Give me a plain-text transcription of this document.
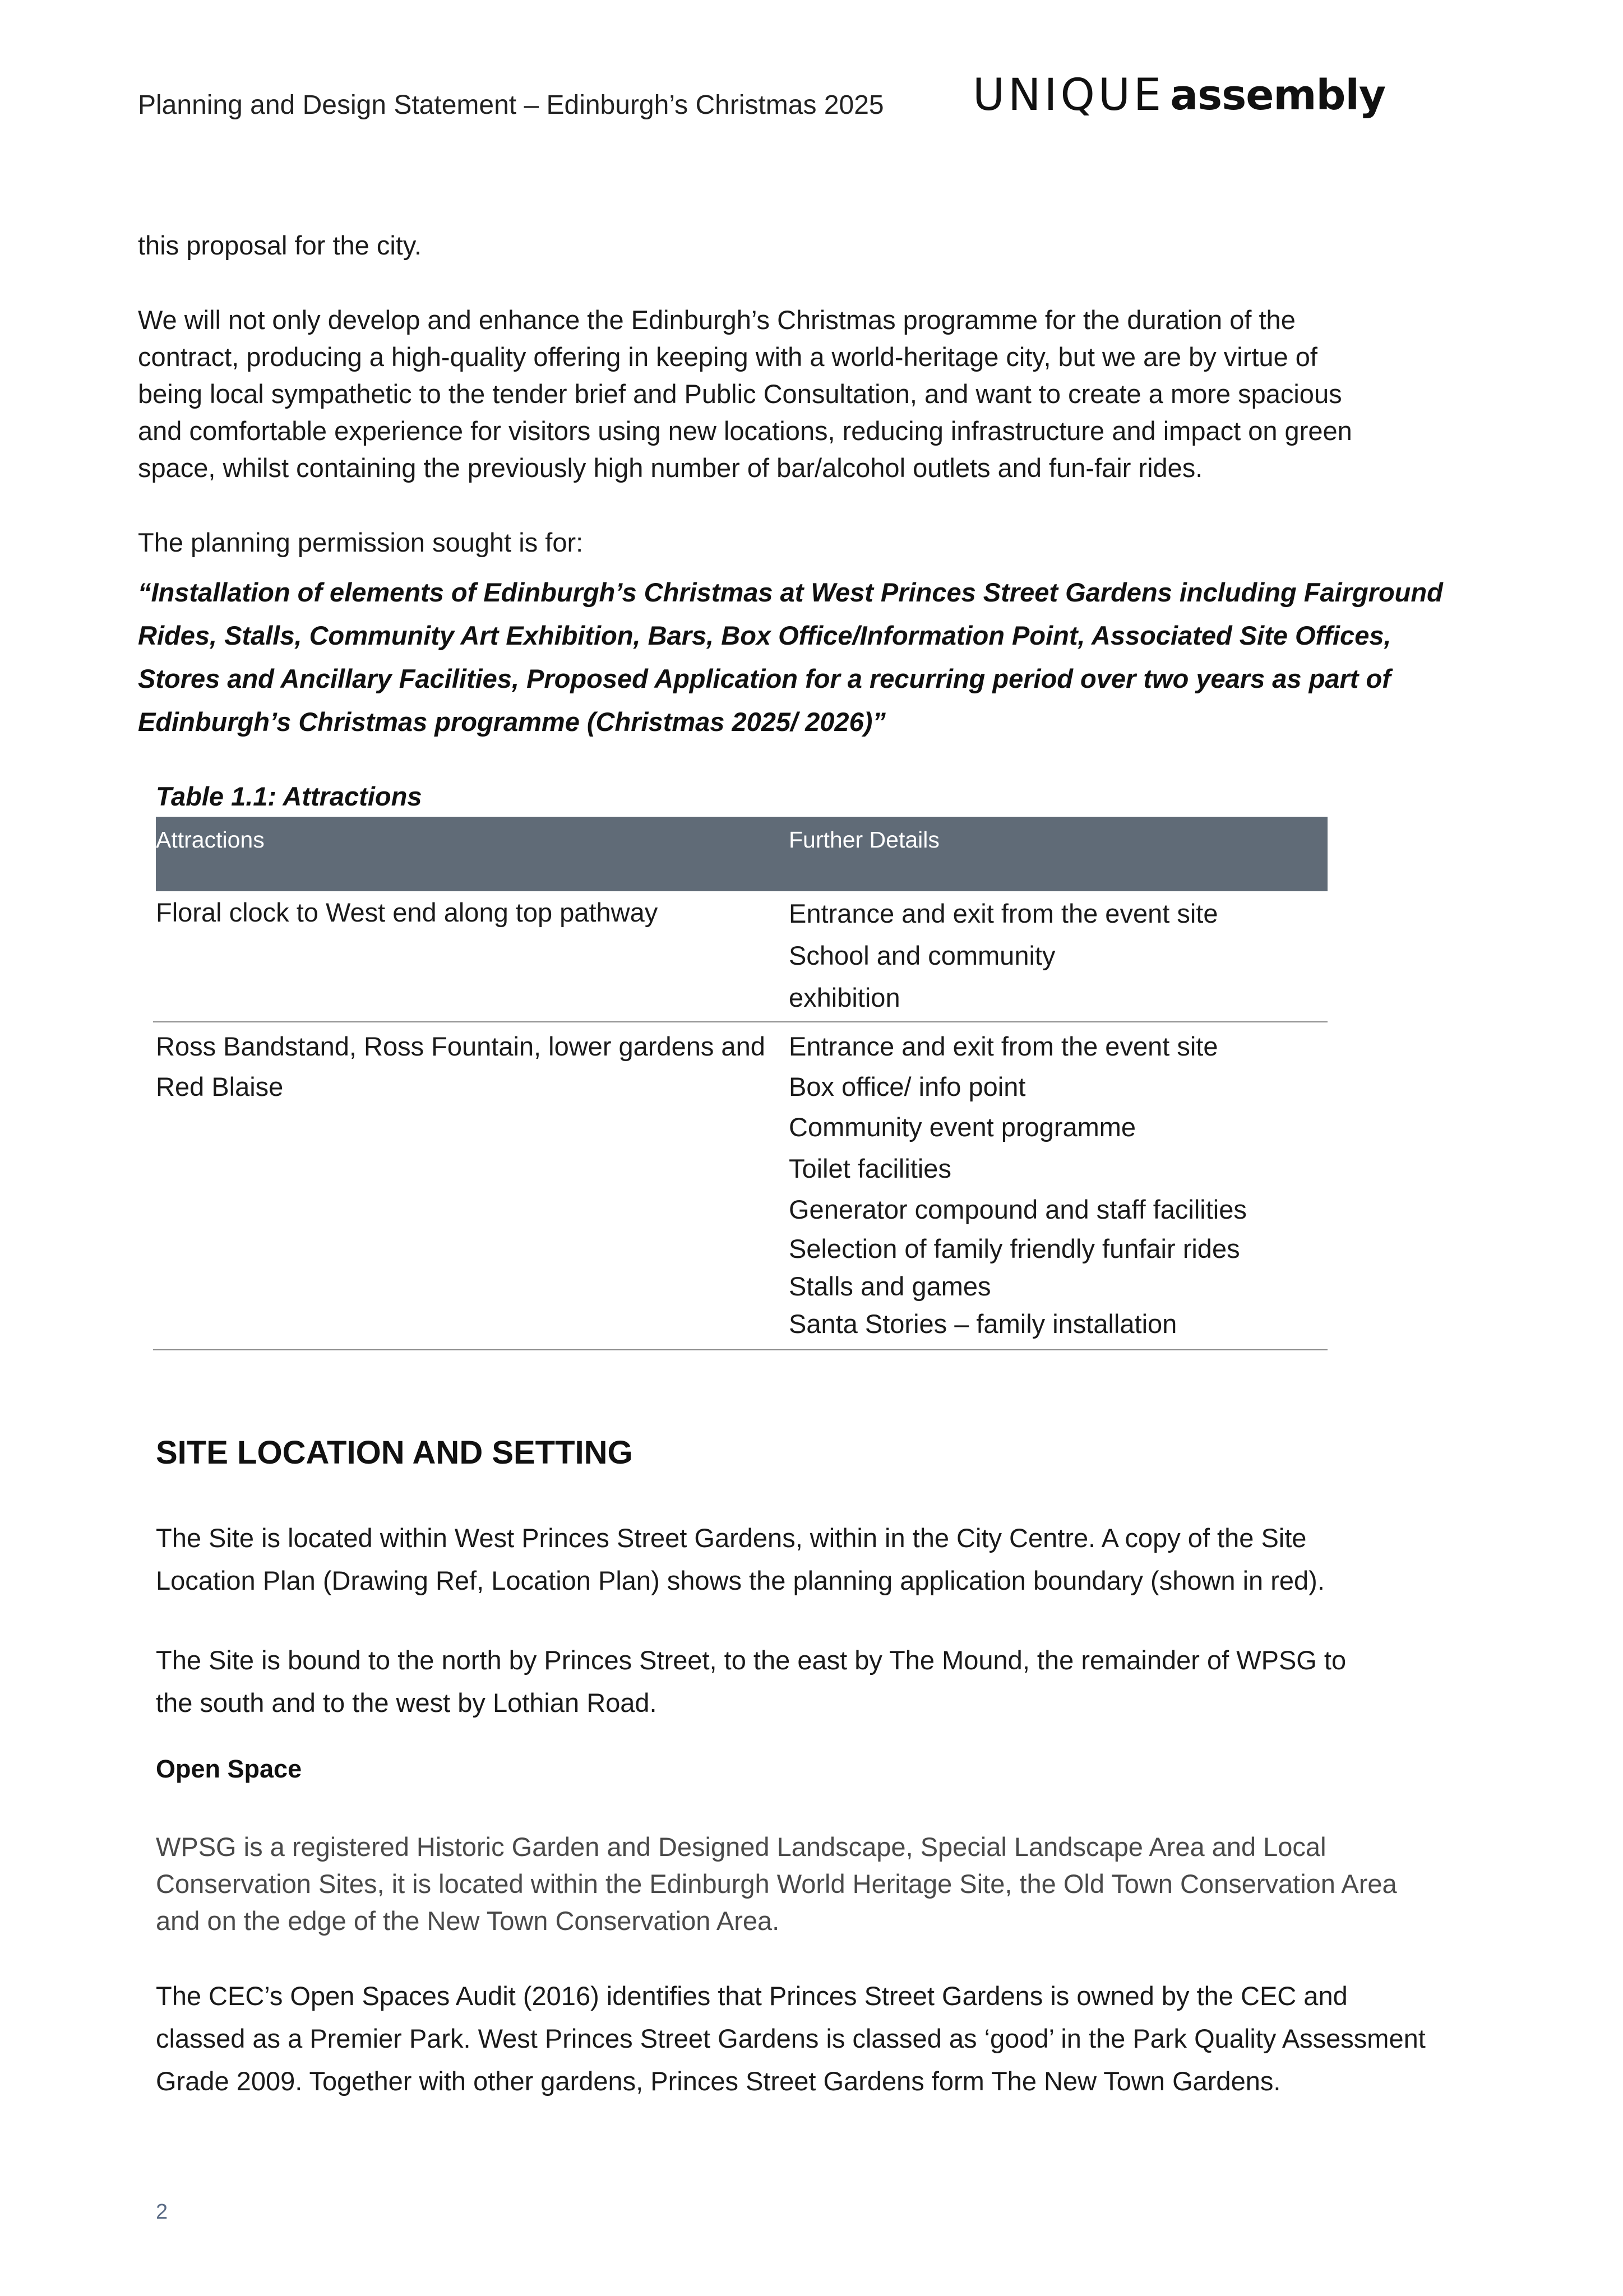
Planning and Design Statement – Edinburgh’s Christmas 2025 UNIQUE assembly
this proposal for the city.
We will not only develop and enhance the Edinburgh’s Christmas programme for the duration of the
contract, producing a high-quality offering in keeping with a world-heritage city, but we are by virtue of
being local sympathetic to the tender brief and Public Consultation, and want to create a more spacious
and comfortable experience for visitors using new locations, reducing infrastructure and impact on green
space, whilst containing the previously high number of bar/alcohol outlets and fun-fair rides.
The planning permission sought is for:
“Installation of elements of Edinburgh’s Christmas at West Princes Street Gardens including Fairground
Rides, Stalls, Community Art Exhibition, Bars, Box Office/Information Point, Associated Site Offices,
Stores and Ancillary Facilities, Proposed Application for a recurring period over two years as part of
Edinburgh’s Christmas programme (Christmas 2025/ 2026)”
Table 1.1: Attractions
Attractions	Further Details
Floral clock to West end along top pathway	Entrance and exit from the event site
School and community
exhibition
Ross Bandstand, Ross Fountain, lower gardens and
Red Blaise
Entrance and exit from the event site
Box office/ info point
Community event programme
Toilet facilities
Generator compound and staff facilities
Selection of family friendly funfair rides
Stalls and games
Santa Stories – family installation
SITE LOCATION AND SETTING
The Site is located within West Princes Street Gardens, within in the City Centre. A copy of the Site
Location Plan (Drawing Ref, Location Plan) shows the planning application boundary (shown in red).
The Site is bound to the north by Princes Street, to the east by The Mound, the remainder of WPSG to
the south and to the west by Lothian Road.
Open Space
WPSG is a registered Historic Garden and Designed Landscape, Special Landscape Area and Local
Conservation Sites, it is located within the Edinburgh World Heritage Site, the Old Town Conservation Area
and on the edge of the New Town Conservation Area.
The CEC’s Open Spaces Audit (2016) identifies that Princes Street Gardens is owned by the CEC and
classed as a Premier Park. West Princes Street Gardens is classed as ‘good’ in the Park Quality Assessment
Grade 2009. Together with other gardens, Princes Street Gardens form The New Town Gardens.
2
